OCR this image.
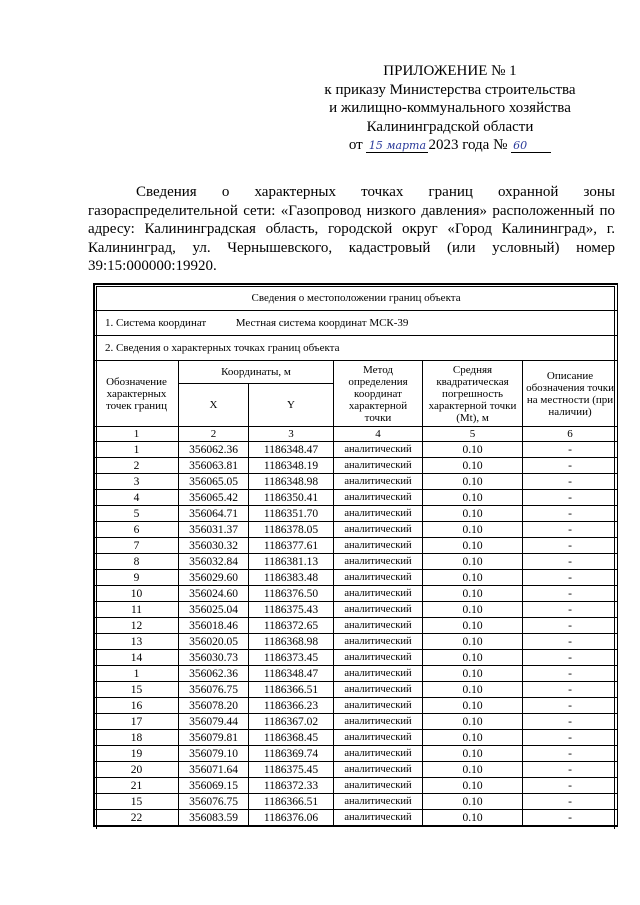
ПРИЛОЖЕНИЕ № 1
к приказу Министерства строительства
и жилищно-коммунального хозяйства
Калининградской области
от 15 марта 2023 года № 60
Сведения о характерных точках границ охранной зоны газораспределительной сети: «Газопровод низкого давления» расположенный по адресу: Калининградская область, городской округ «Город Калининград», г. Калининград, ул. Чернышевского, кадастровый (или условный) номер 39:15:000000:19920.
Сведения о местоположении границ объекта					
1. Система координат Местная система координат МСК-39					
2. Сведения о характерных точках границ объекта					
Обозначение характерных точек границ	Координаты, м		Метод определения координат характерной точки	Средняя квадратическая погрешность характерной точки (Mt), м	Описание обозначения точки на местности (при наличии)
	X	Y			
1	2	3	4	5	6
1	356062.36	1186348.47	аналитический	0.10	-
2	356063.81	1186348.19	аналитический	0.10	-
3	356065.05	1186348.98	аналитический	0.10	-
4	356065.42	1186350.41	аналитический	0.10	-
5	356064.71	1186351.70	аналитический	0.10	-
6	356031.37	1186378.05	аналитический	0.10	-
7	356030.32	1186377.61	аналитический	0.10	-
8	356032.84	1186381.13	аналитический	0.10	-
9	356029.60	1186383.48	аналитический	0.10	-
10	356024.60	1186376.50	аналитический	0.10	-
11	356025.04	1186375.43	аналитический	0.10	-
12	356018.46	1186372.65	аналитический	0.10	-
13	356020.05	1186368.98	аналитический	0.10	-
14	356030.73	1186373.45	аналитический	0.10	-
1	356062.36	1186348.47	аналитический	0.10	-
15	356076.75	1186366.51	аналитический	0.10	-
16	356078.20	1186366.23	аналитический	0.10	-
17	356079.44	1186367.02	аналитический	0.10	-
18	356079.81	1186368.45	аналитический	0.10	-
19	356079.10	1186369.74	аналитический	0.10	-
20	356071.64	1186375.45	аналитический	0.10	-
21	356069.15	1186372.33	аналитический	0.10	-
15	356076.75	1186366.51	аналитический	0.10	-
22	356083.59	1186376.06	аналитический	0.10	-
